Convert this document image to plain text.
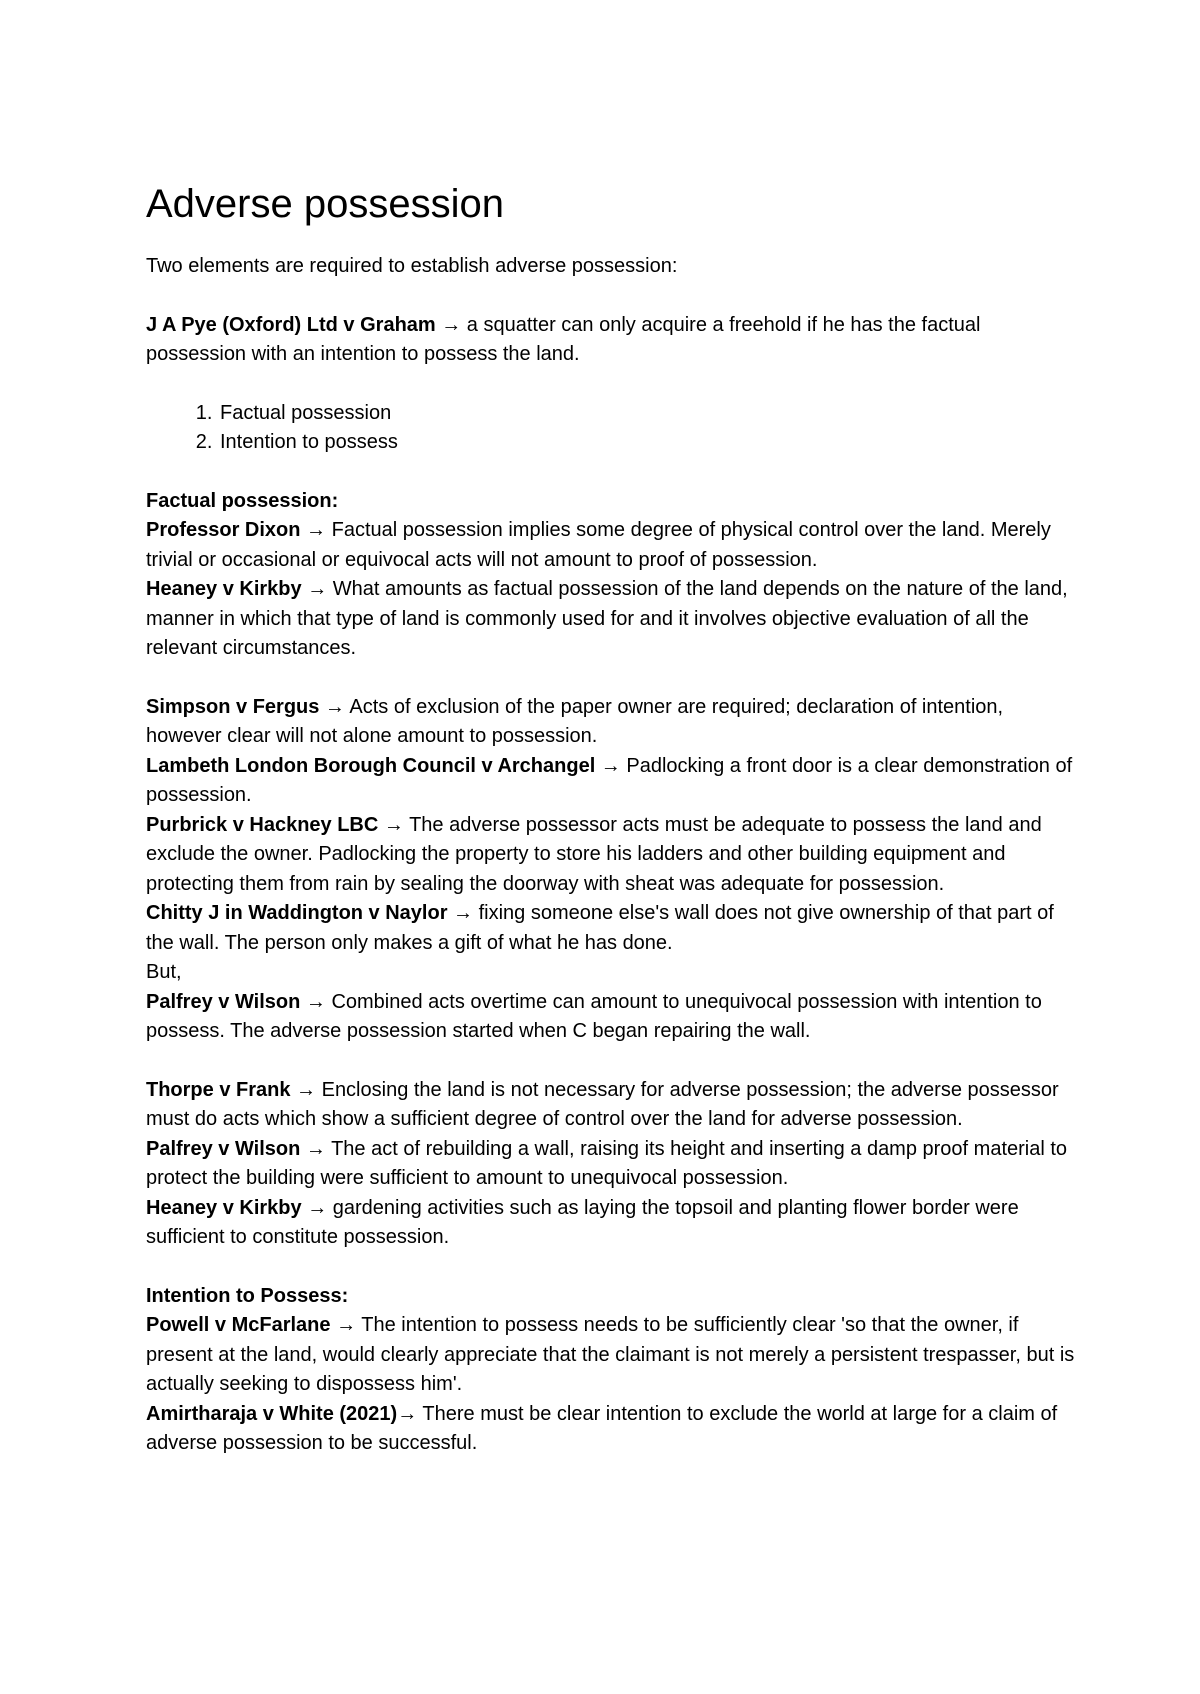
Adverse possession

Two elements are required to establish adverse possession:

J A Pye (Oxford) Ltd v Graham → a squatter can only acquire a freehold if he has the factual possession with an intention to possess the land.

1. Factual possession
2. Intention to possess

Factual possession:

Professor Dixon → Factual possession implies some degree of physical control over the land. Merely trivial or occasional or equivocal acts will not amount to proof of possession.

Heaney v Kirkby → What amounts as factual possession of the land depends on the nature of the land, manner in which that type of land is commonly used for and it involves objective evaluation of all the relevant circumstances.

Simpson v Fergus → Acts of exclusion of the paper owner are required; declaration of intention, however clear will not alone amount to possession.

Lambeth London Borough Council v Archangel → Padlocking a front door is a clear demonstration of possession.

Purbrick v Hackney LBC → The adverse possessor acts must be adequate to possess the land and exclude the owner. Padlocking the property to store his ladders and other building equipment and protecting them from rain by sealing the doorway with sheat was adequate for possession.

Chitty J in Waddington v Naylor → fixing someone else's wall does not give ownership of that part of the wall. The person only makes a gift of what he has done.

But,

Palfrey v Wilson → Combined acts overtime can amount to unequivocal possession with intention to possess. The adverse possession started when C began repairing the wall.

Thorpe v Frank → Enclosing the land is not necessary for adverse possession; the adverse possessor must do acts which show a sufficient degree of control over the land for adverse possession.

Palfrey v Wilson → The act of rebuilding a wall, raising its height and inserting a damp proof material to protect the building were sufficient to amount to unequivocal possession.

Heaney v Kirkby → gardening activities such as laying the topsoil and planting flower border were sufficient to constitute possession.

Intention to Possess:

Powell v McFarlane → The intention to possess needs to be sufficiently clear 'so that the owner, if present at the land, would clearly appreciate that the claimant is not merely a persistent trespasser, but is actually seeking to dispossess him'.

Amirtharaja v White (2021)→ There must be clear intention to exclude the world at large for a claim of adverse possession to be successful.
